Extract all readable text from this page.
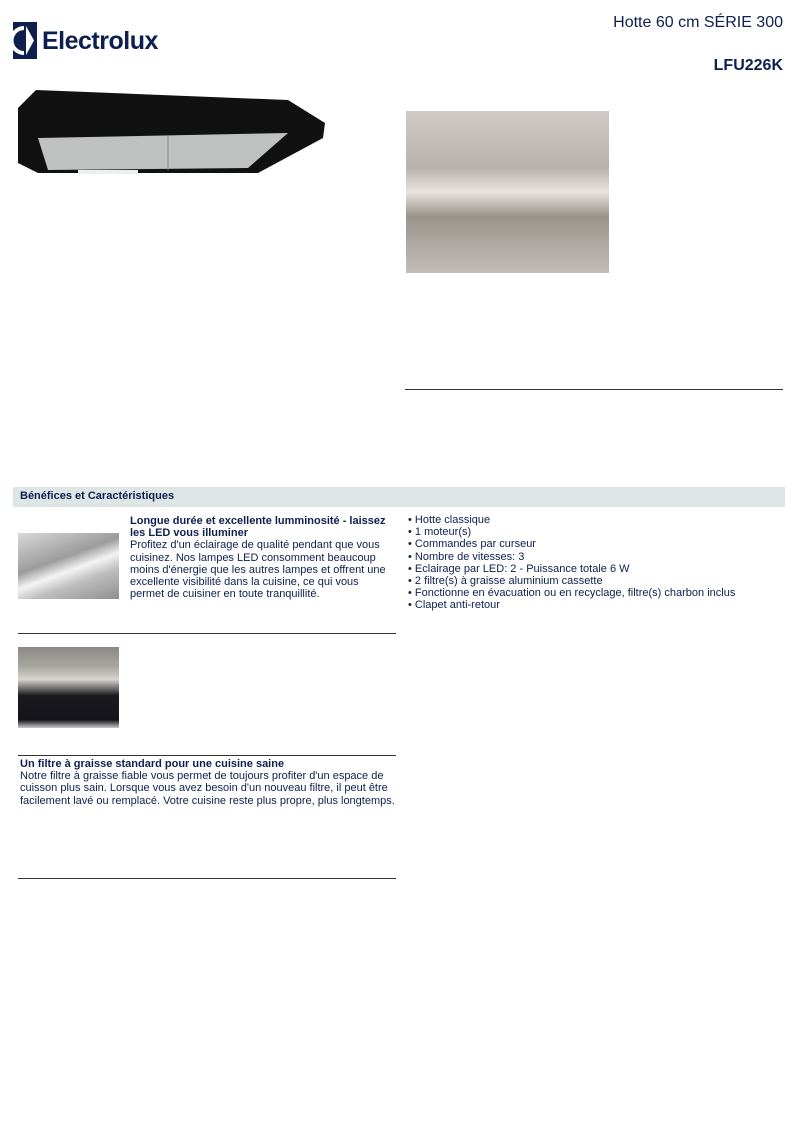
Electrolux
Hotte 60 cm SÉRIE 300
LFU226K
Bénéfices et Caractéristiques
Longue durée et excellente lumminosité - laissez les LED vous illuminer
Profitez d'un éclairage de qualité pendant que vous cuisinez. Nos lampes LED consomment beaucoup moins d'énergie que les autres lampes et offrent une excellente visibilité dans la cuisine, ce qui vous permet de cuisiner en toute tranquillité.
• Hotte classique
• 1 moteur(s)
• Commandes par curseur
• Nombre de vitesses: 3
• Eclairage par LED: 2 - Puissance totale 6 W
• 2 filtre(s) à graisse aluminium cassette
• Fonctionne en évacuation ou en recyclage, filtre(s) charbon inclus
• Clapet anti-retour
Un filtre à graisse standard pour une cuisine saine
Notre filtre à graisse fiable vous permet de toujours profiter d'un espace de cuisson plus sain. Lorsque vous avez besoin d'un nouveau filtre, il peut être facilement lavé ou remplacé. Votre cuisine reste plus propre, plus longtemps.
